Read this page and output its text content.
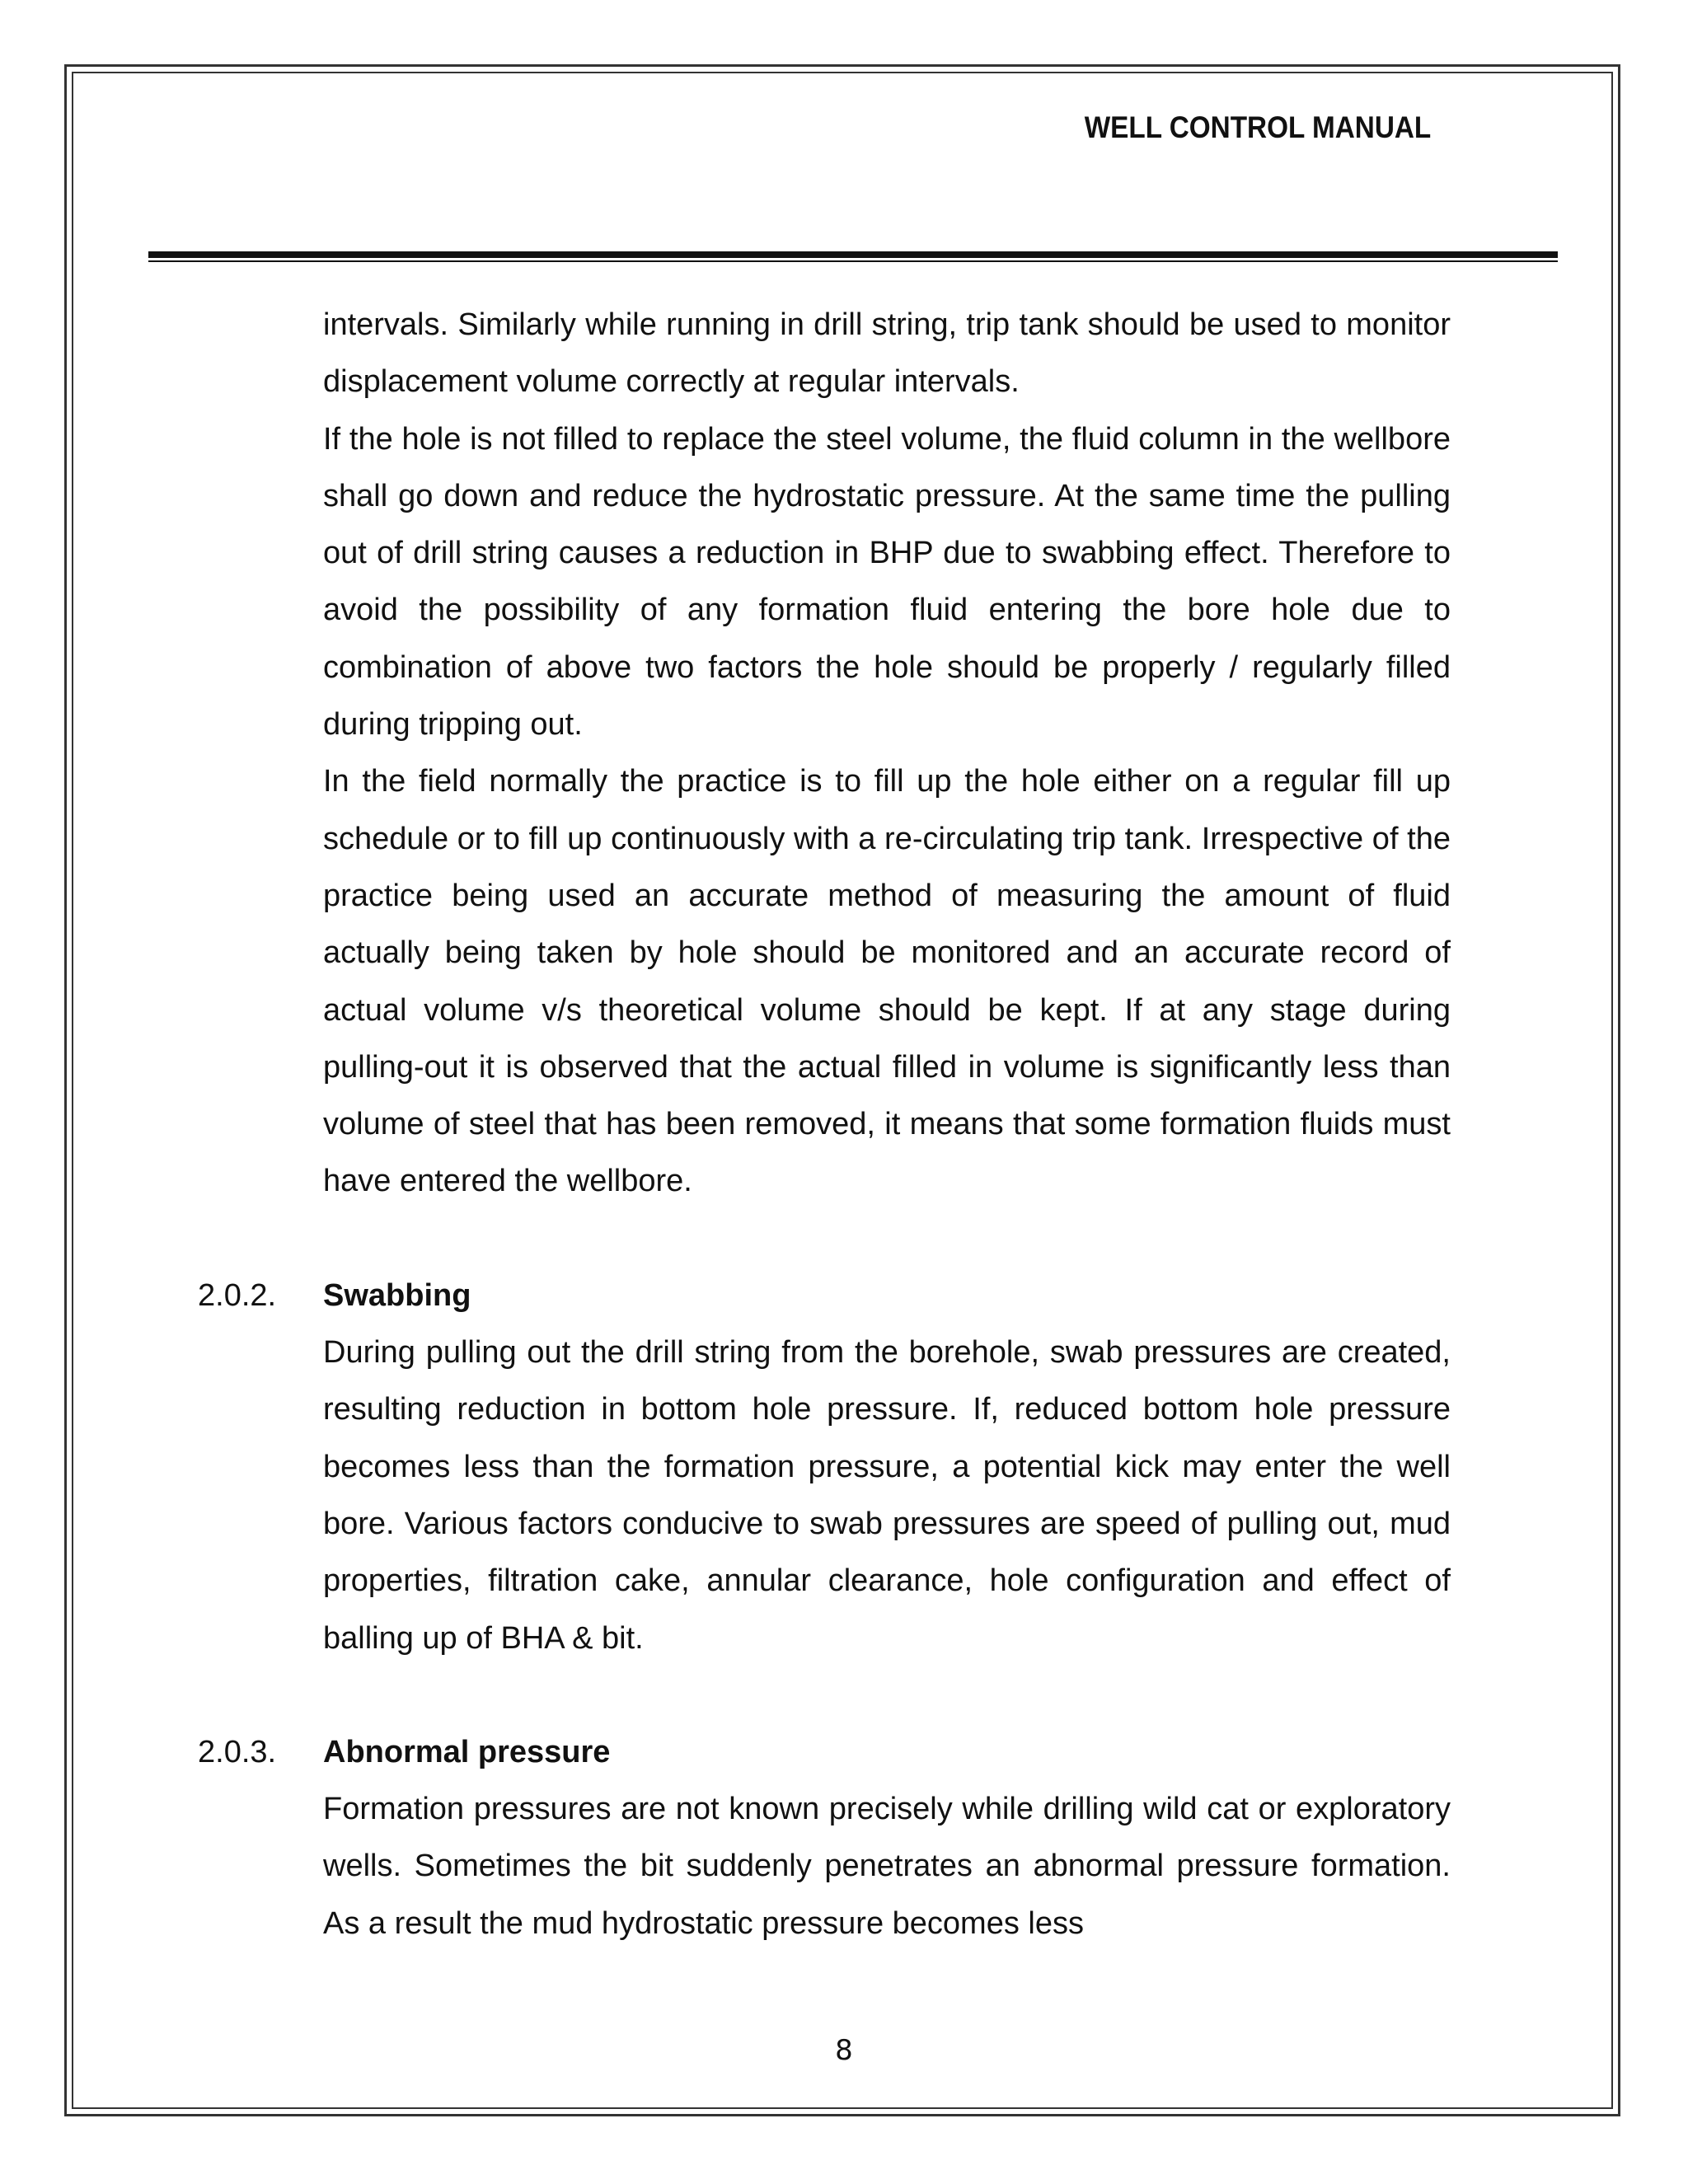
WELL CONTROL MANUAL

intervals. Similarly while running in drill string, trip tank should be used to monitor displacement volume correctly at regular intervals.

If the hole is not filled to replace the steel volume, the fluid column in the wellbore shall go down and reduce the hydrostatic pressure. At the same time the pulling out of drill string causes a reduction in BHP due to swabbing effect. Therefore to avoid the possibility of any formation fluid entering the bore hole due to combination of above two factors the hole should be properly / regularly filled during tripping out.

In the field normally the practice is to fill up the hole either on a regular fill up schedule or to fill up continuously with a re-circulating trip tank. Irrespective of the practice being used an accurate method of measuring the amount of fluid actually being taken by hole should be monitored and an accurate record of actual volume v/s theoretical volume should be kept. If at any stage during pulling-out it is observed that the actual filled in volume is significantly less than volume of steel that has been removed, it means that some formation fluids must have entered the wellbore.

2.0.2. Swabbing

During pulling out the drill string from the borehole, swab pressures are created, resulting reduction in bottom hole pressure. If, reduced bottom hole pressure becomes less than the formation pressure, a potential kick may enter the well bore. Various factors conducive to swab pressures are speed of pulling out, mud properties, filtration cake, annular clearance, hole configuration and effect of balling up of BHA & bit.

2.0.3. Abnormal pressure

Formation pressures are not known precisely while drilling wild cat or exploratory wells. Sometimes the bit suddenly penetrates an abnormal pressure formation. As a result the mud hydrostatic pressure becomes less

8
